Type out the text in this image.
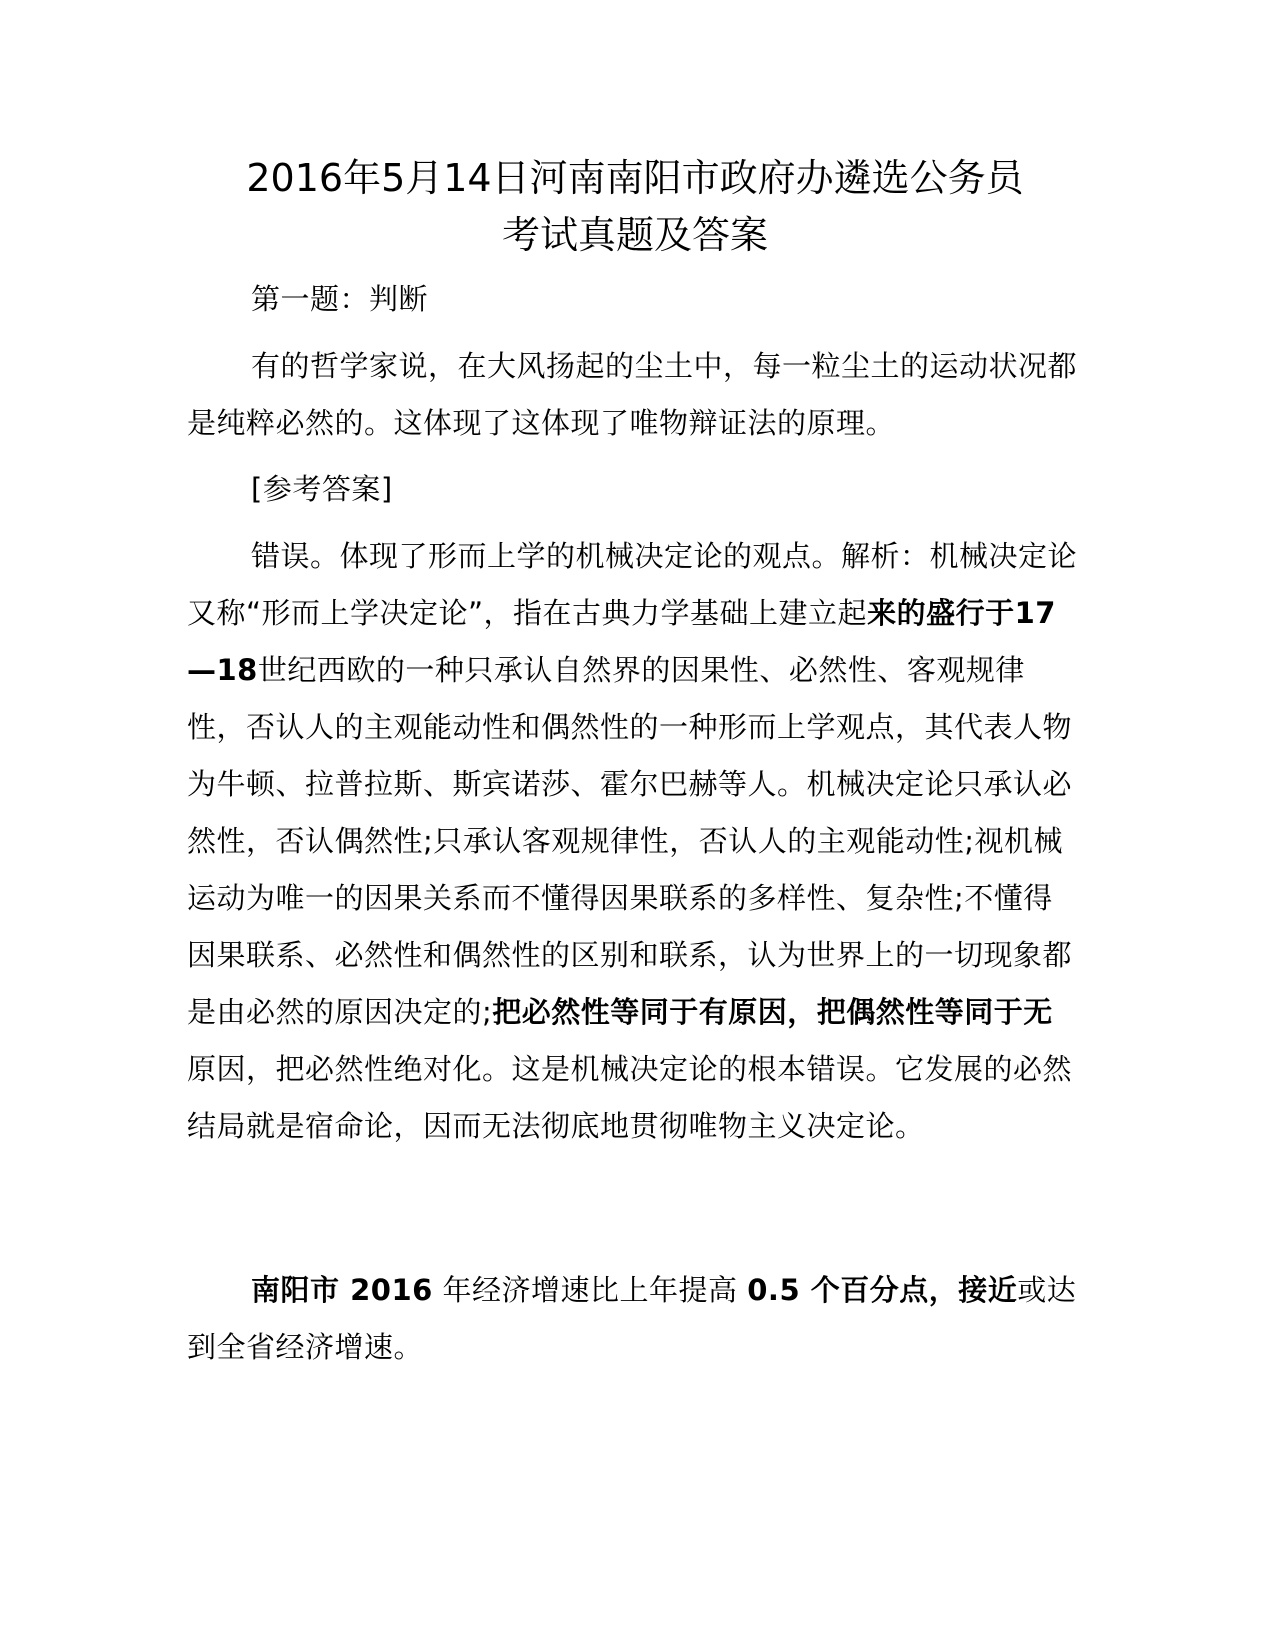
2016年5月14日河南南阳市政府办遴选公务员
考试真题及答案

第一题：判断

有的哲学家说，在大风扬起的尘土中，每一粒尘土的运动状况都是纯粹必然的。这体现了这体现了唯物辩证法的原理。

[参考答案]

错误。体现了形而上学的机械决定论的观点。解析：机械决定论又称“形而上学决定论”，指在古典力学基础上建立起来的盛行于17—18世纪西欧的一种只承认自然界的因果性、必然性、客观规律性，否认人的主观能动性和偶然性的一种形而上学观点，其代表人物为牛顿、拉普拉斯、斯宾诺莎、霍尔巴赫等人。机械决定论只承认必然性，否认偶然性;只承认客观规律性，否认人的主观能动性;视机械运动为唯一的因果关系而不懂得因果联系的多样性、复杂性;不懂得因果联系、必然性和偶然性的区别和联系，认为世界上的一切现象都是由必然的原因决定的;把必然性等同于有原因，把偶然性等同于无原因，把必然性绝对化。这是机械决定论的根本错误。它发展的必然结局就是宿命论，因而无法彻底地贯彻唯物主义决定论。

南阳市 2016 年经济增速比上年提高 0.5 个百分点，接近或达到全省经济增速。
